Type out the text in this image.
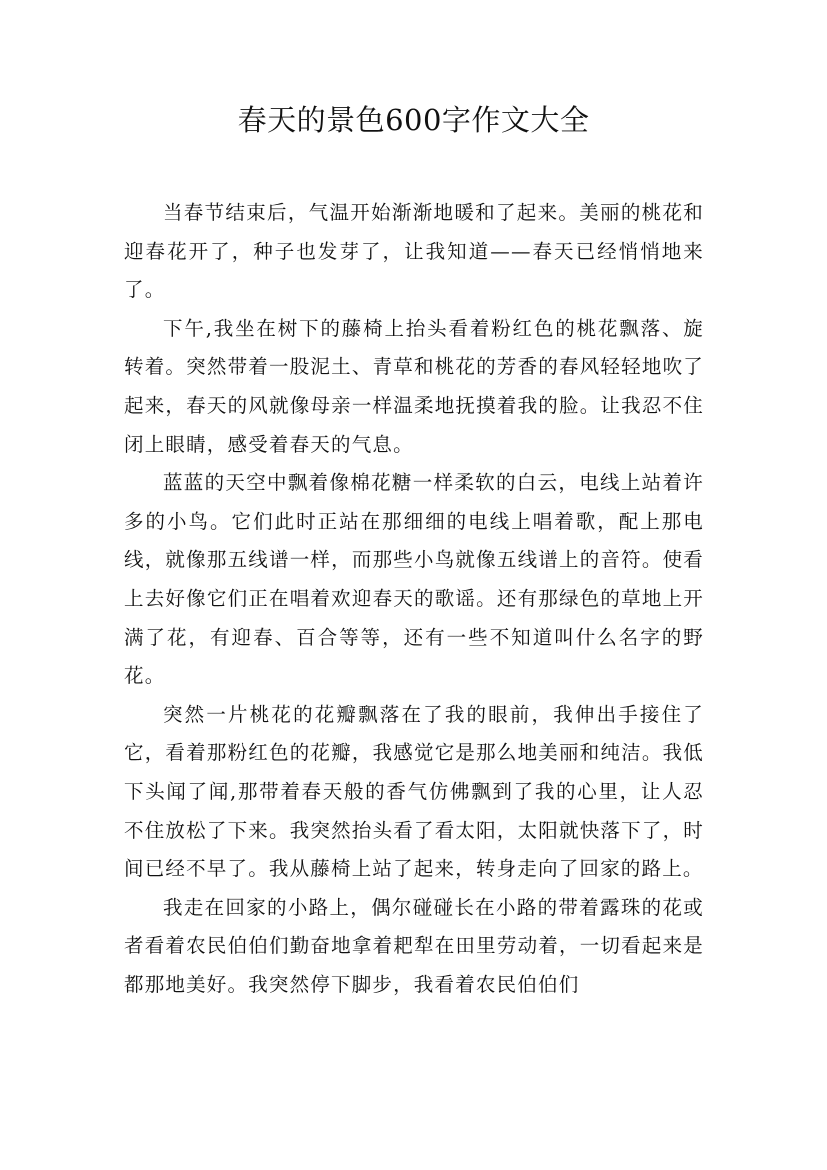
春天的景色600字作文大全

当春节结束后，气温开始渐渐地暖和了起来。美丽的桃花和迎春花开了，种子也发芽了，让我知道——春天已经悄悄地来了。

下午,我坐在树下的藤椅上抬头看着粉红色的桃花飘落、旋转着。突然带着一股泥土、青草和桃花的芳香的春风轻轻地吹了起来，春天的风就像母亲一样温柔地抚摸着我的脸。让我忍不住闭上眼睛，感受着春天的气息。

蓝蓝的天空中飘着像棉花糖一样柔软的白云，电线上站着许多的小鸟。它们此时正站在那细细的电线上唱着歌，配上那电线，就像那五线谱一样，而那些小鸟就像五线谱上的音符。使看上去好像它们正在唱着欢迎春天的歌谣。还有那绿色的草地上开满了花，有迎春、百合等等，还有一些不知道叫什么名字的野花。

突然一片桃花的花瓣飘落在了我的眼前，我伸出手接住了它，看着那粉红色的花瓣，我感觉它是那么地美丽和纯洁。我低下头闻了闻,那带着春天般的香气仿佛飘到了我的心里，让人忍不住放松了下来。我突然抬头看了看太阳，太阳就快落下了，时间已经不早了。我从藤椅上站了起来，转身走向了回家的路上。

我走在回家的小路上，偶尔碰碰长在小路的带着露珠的花或者看着农民伯伯们勤奋地拿着耙犁在田里劳动着，一切看起来是都那地美好。我突然停下脚步，我看着农民伯伯们
